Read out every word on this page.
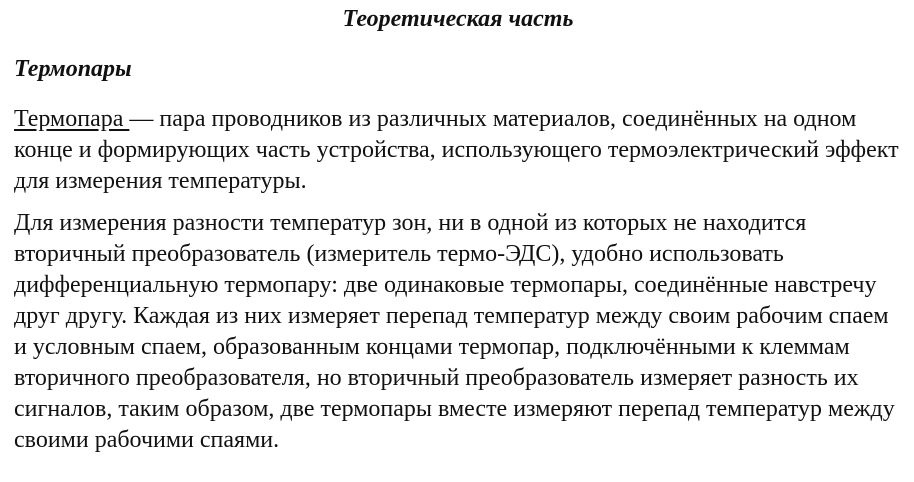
Теоретическая часть
Термопары

Термопара — пара проводников из различных материалов, соединённых на одном конце и формирующих часть устройства, использующего термоэлектрический эффект для измерения температуры.

Для измерения разности температур зон, ни в одной из которых не находится вторичный преобразователь (измеритель термо-ЭДС), удобно использовать дифференциальную термопару: две одинаковые термопары, соединённые навстречу друг другу. Каждая из них измеряет перепад температур между своим рабочим спаем и условным спаем, образованным концами термопар, подключёнными к клеммам вторичного преобразователя, но вторичный преобразователь измеряет разность их сигналов, таким образом, две термопары вместе измеряют перепад температур между своими рабочими спаями.
